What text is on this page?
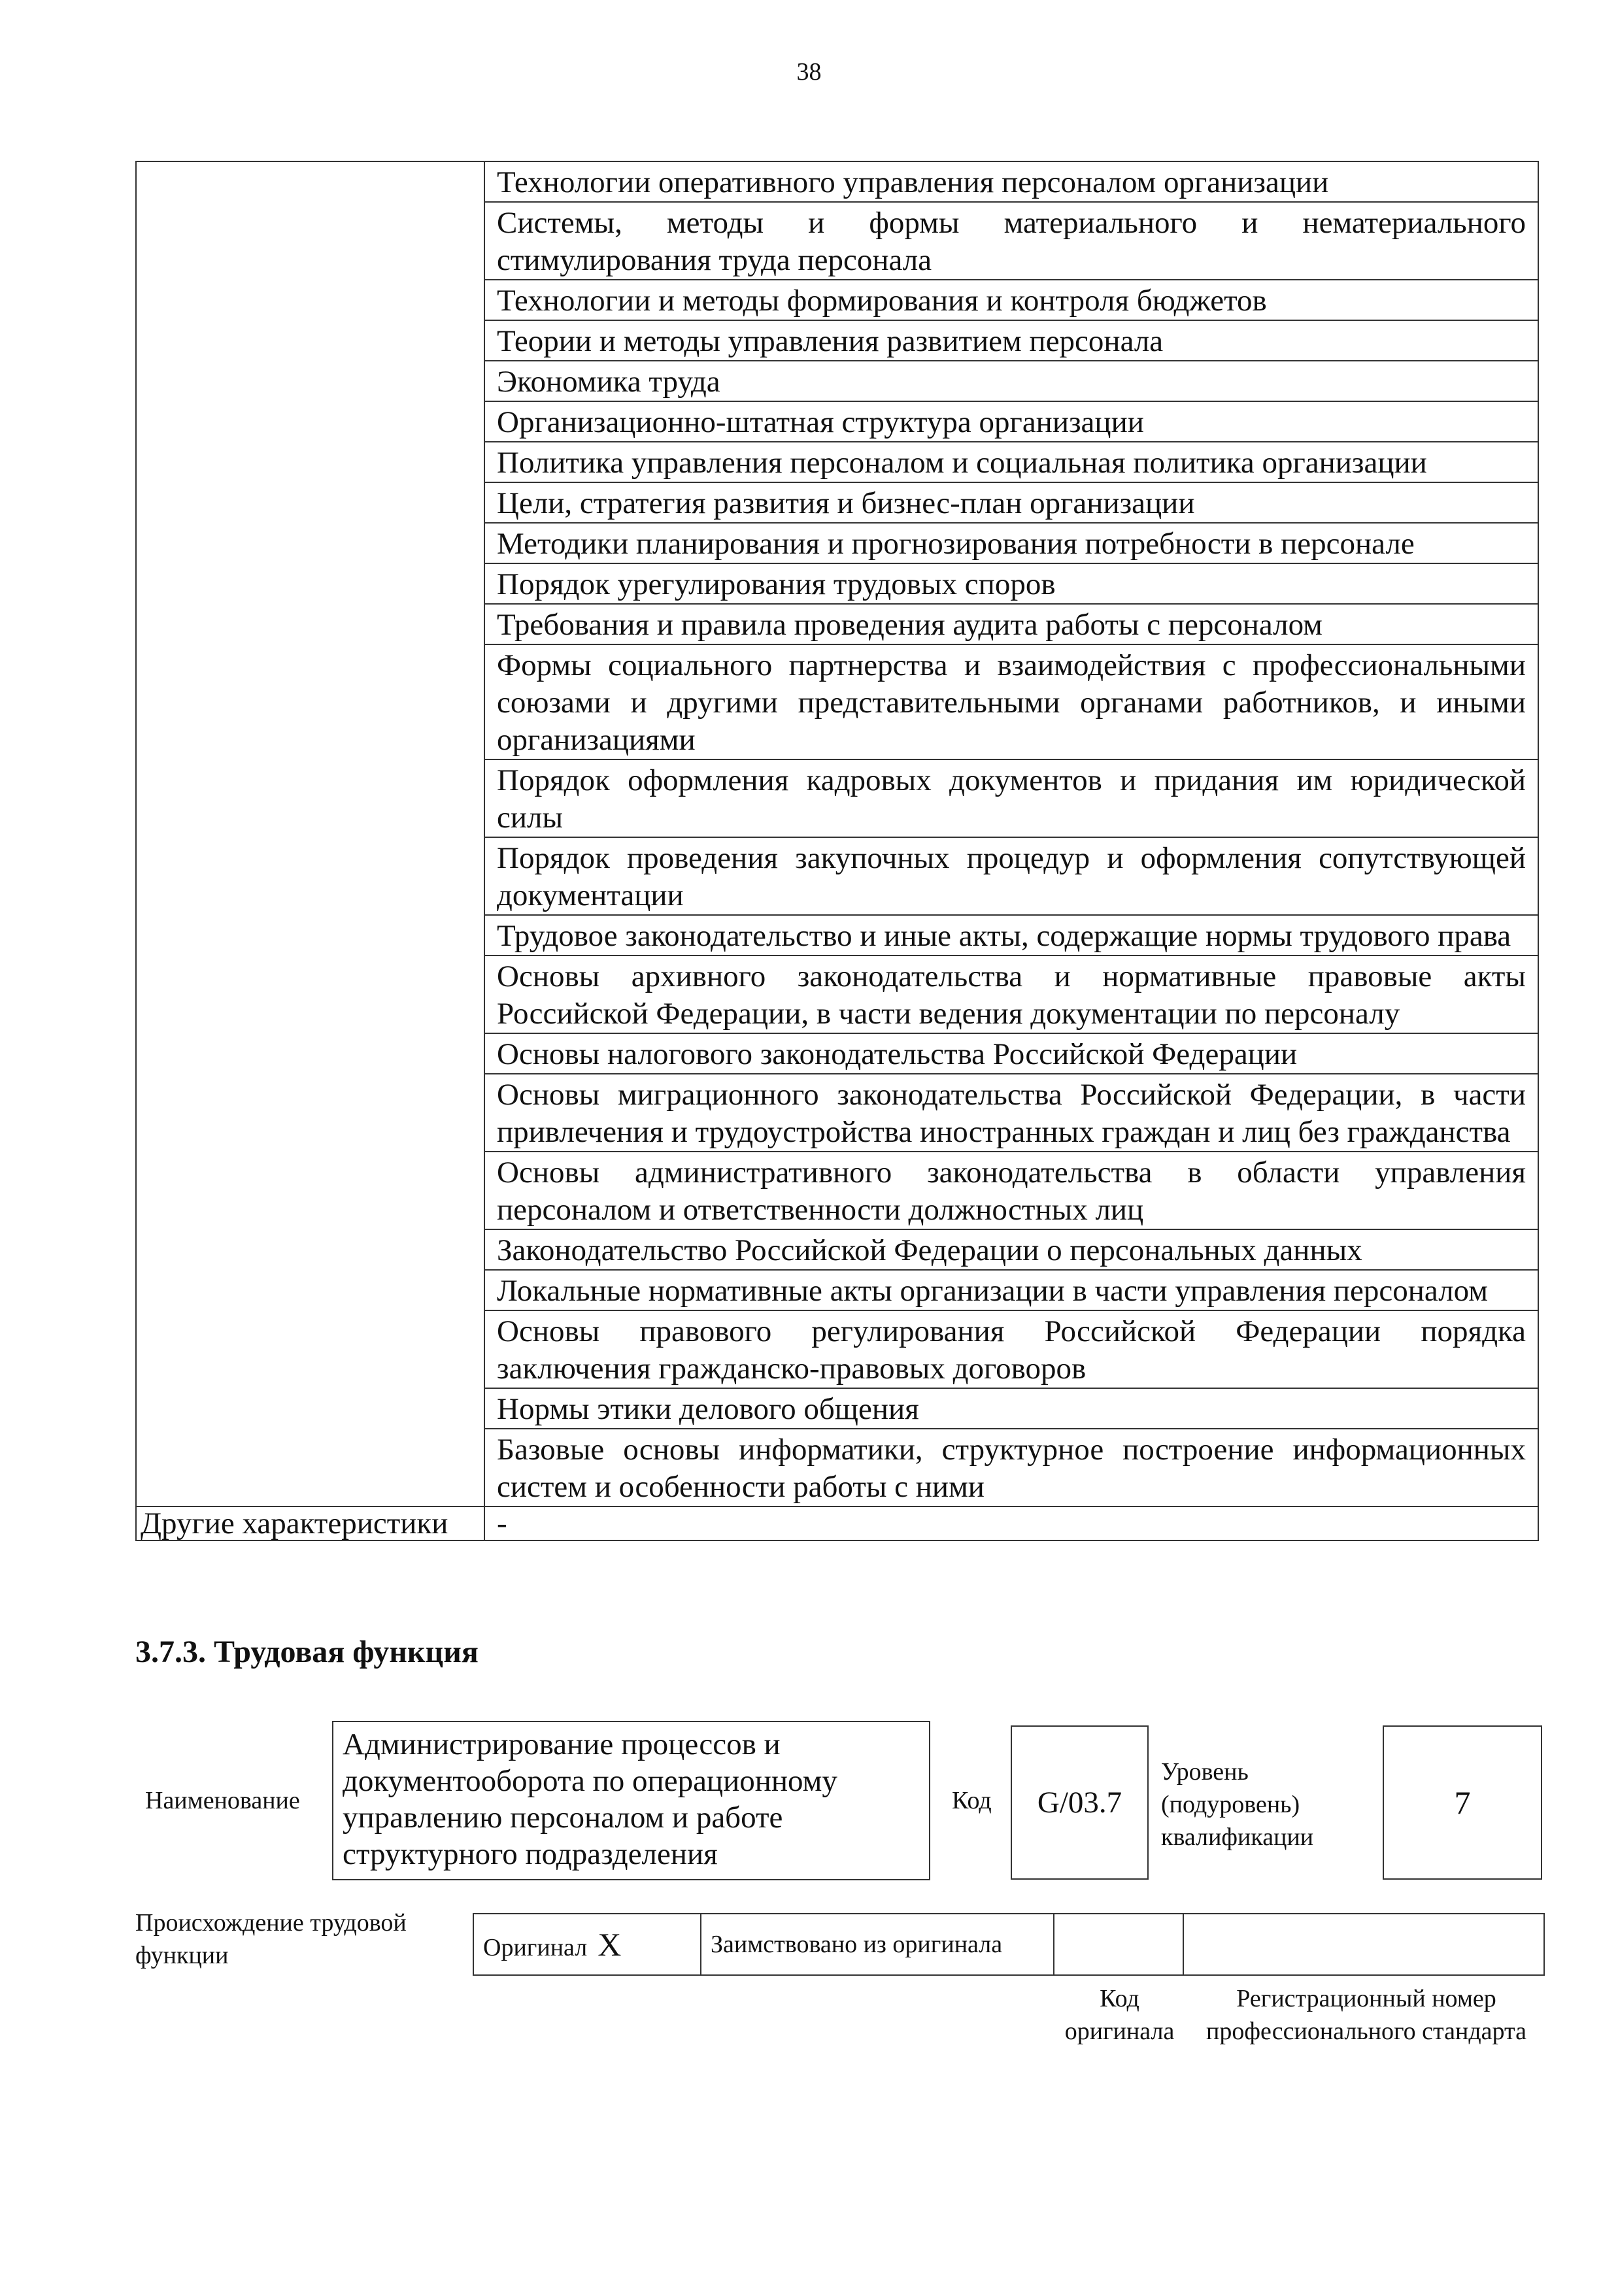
38
	Технологии оперативного управления персоналом организации
	Системы, методы и формы материального и нематериального стимулирования труда персонала
	Технологии и методы формирования и контроля бюджетов
	Теории и методы управления развитием персонала
	Экономика труда
	Организационно-штатная структура организации
	Политика управления персоналом и социальная политика организации
	Цели, стратегия развития и бизнес-план организации
	Методики планирования и прогнозирования потребности в персонале
	Порядок урегулирования трудовых споров
	Требования и правила проведения аудита работы с персоналом
	Формы социального партнерства и взаимодействия с профессиональными союзами и другими представительными органами работников, и иными организациями
	Порядок оформления кадровых документов и придания им юридической силы
	Порядок проведения закупочных процедур и оформления сопутствующей документации
	Трудовое законодательство и иные акты, содержащие нормы трудового права
	Основы архивного законодательства и нормативные правовые акты Российской Федерации, в части ведения документации по персоналу
	Основы налогового законодательства Российской Федерации
	Основы миграционного законодательства Российской Федерации, в части привлечения и трудоустройства иностранных граждан и лиц без гражданства
	Основы административного законодательства в области управления персоналом и ответственности должностных лиц
	Законодательство Российской Федерации о персональных данных
	Локальные нормативные акты организации в части управления персоналом
	Основы правового регулирования Российской Федерации порядка заключения гражданско-правовых договоров
	Нормы этики делового общения
	Базовые основы информатики, структурное построение информационных систем и особенности работы с ними
Другие характеристики	-
3.7.3. Трудовая функция
Наименование
Администрирование процессов и документооборота по операционному управлению персоналом и работе структурного подразделения
Код	G/03.7
Уровень (подуровень) квалификации
7
Происхождение трудовой функции	Оригинал X	Заимствовано из оригинала		
Код оригинала
Регистрационный номер профессионального стандарта
